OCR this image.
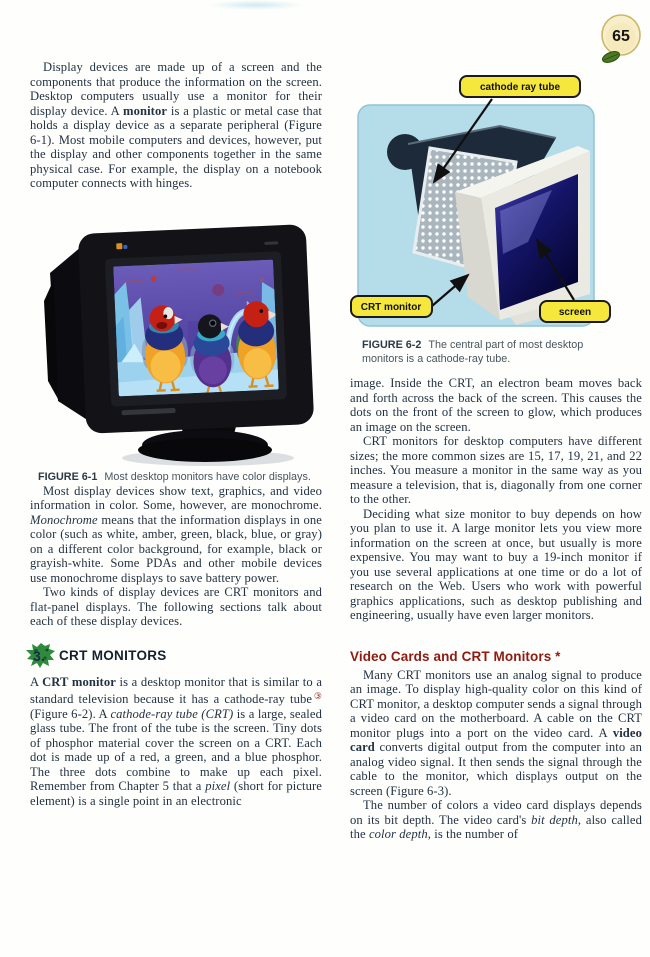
65

Display devices are made up of a screen and the components that produce the information on the screen. Desktop computers usually use a monitor for their display device. A monitor is a plastic or metal case that holds a display device as a separate peripheral (Figure 6-1). Most mobile computers and devices, however, put the display and other components together in the same physical case. For example, the display on a notebook computer connects with hinges.

FIGURE 6-1 Most desktop monitors have color displays.

Most display devices show text, graphics, and video information in color. Some, however, are monochrome. Monochrome means that the information displays in one color (such as white, amber, green, black, blue, or gray) on a different color background, for example, black or grayish-white. Some PDAs and other mobile devices use monochrome displays to save battery power.

Two kinds of display devices are CRT monitors and flat-panel displays. The following sections talk about each of these display devices.

3. CRT MONITORS

A CRT monitor is a desktop monitor that is similar to a standard television because it has a cathode-ray tube③ (Figure 6-2). A cathode-ray tube (CRT) is a large, sealed glass tube. The front of the tube is the screen. Tiny dots of phosphor material cover the screen on a CRT. Each dot is made up of a red, a green, and a blue phosphor. The three dots combine to make up each pixel. Remember from Chapter 5 that a pixel (short for picture element) is a single point in an electronic

cathode ray tube
CRT monitor	screen

FIGURE 6-2 The central part of most desktop monitors is a cathode-ray tube.

image. Inside the CRT, an electron beam moves back and forth across the back of the screen. This causes the dots on the front of the screen to glow, which produces an image on the screen.

CRT monitors for desktop computers have different sizes; the more common sizes are 15, 17, 19, 21, and 22 inches. You measure a monitor in the same way as you measure a television, that is, diagonally from one corner to the other.

Deciding what size monitor to buy depends on how you plan to use it. A large monitor lets you view more information on the screen at once, but usually is more expensive. You may want to buy a 19-inch monitor if you use several applications at one time or do a lot of research on the Web. Users who work with powerful graphics applications, such as desktop publishing and engineering, usually have even larger monitors.

Video Cards and CRT Monitors *

Many CRT monitors use an analog signal to produce an image. To display high-quality color on this kind of CRT monitor, a desktop computer sends a signal through a video card on the motherboard. A cable on the CRT monitor plugs into a port on the video card. A video card converts digital output from the computer into an analog video signal. It then sends the signal through the cable to the monitor, which displays output on the screen (Figure 6-3).

The number of colors a video card displays depends on its bit depth. The video card's bit depth, also called the color depth, is the number of
